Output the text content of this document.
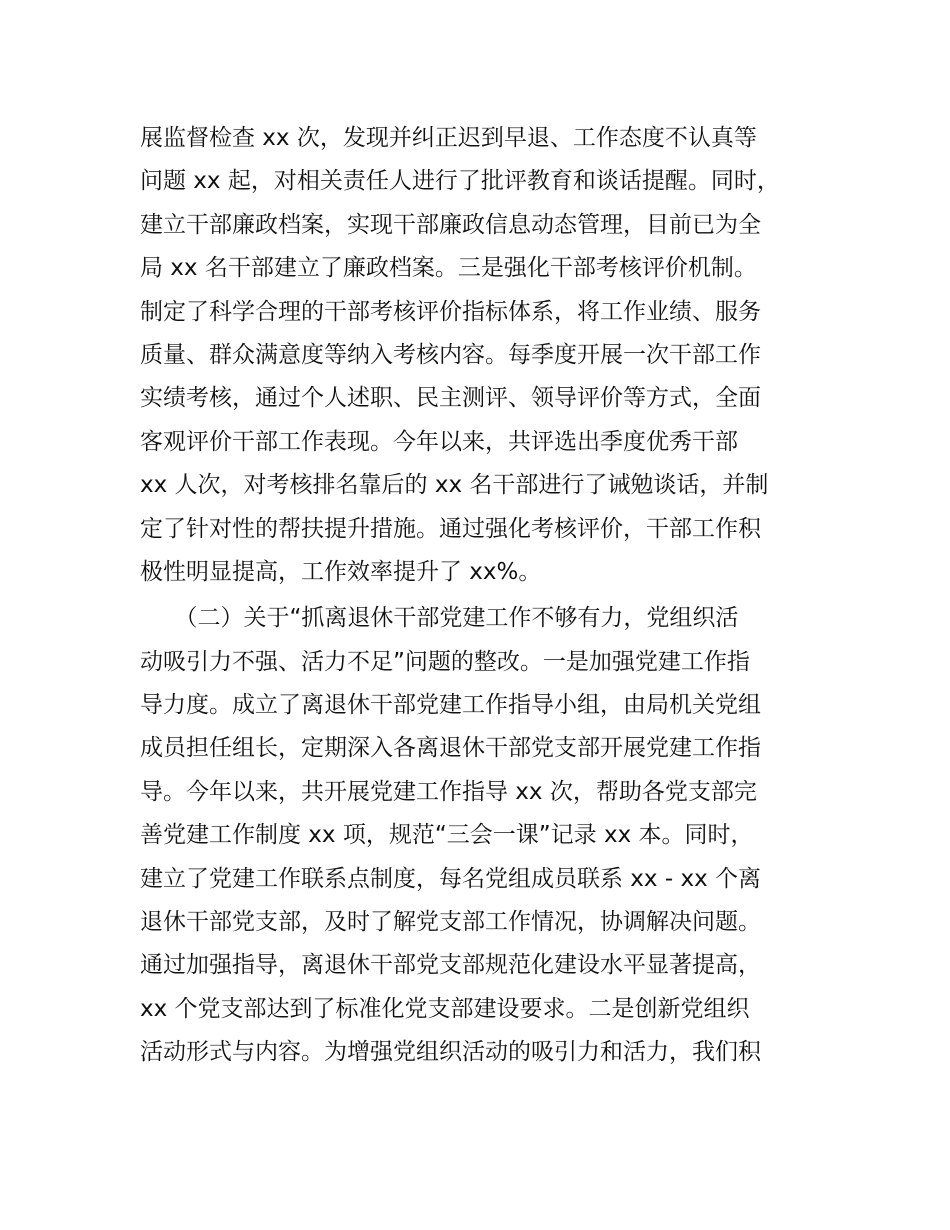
展监督检查 xx 次，发现并纠正迟到早退、工作态度不认真等
问题 xx 起，对相关责任人进行了批评教育和谈话提醒。同时，
建立干部廉政档案，实现干部廉政信息动态管理，目前已为全
局 xx 名干部建立了廉政档案。三是强化干部考核评价机制。
制定了科学合理的干部考核评价指标体系，将工作业绩、服务
质量、群众满意度等纳入考核内容。每季度开展一次干部工作
实绩考核，通过个人述职、民主测评、领导评价等方式，全面
客观评价干部工作表现。今年以来，共评选出季度优秀干部
xx 人次，对考核排名靠后的 xx 名干部进行了诫勉谈话，并制
定了针对性的帮扶提升措施。通过强化考核评价，干部工作积
极性明显提高，工作效率提升了 xx%。

　　（二）关于“抓离退休干部党建工作不够有力，党组织活
动吸引力不强、活力不足”问题的整改。一是加强党建工作指
导力度。成立了离退休干部党建工作指导小组，由局机关党组
成员担任组长，定期深入各离退休干部党支部开展党建工作指
导。今年以来，共开展党建工作指导 xx 次，帮助各党支部完
善党建工作制度 xx 项，规范“三会一课”记录 xx 本。同时，
建立了党建工作联系点制度，每名党组成员联系 xx - xx 个离
退休干部党支部，及时了解党支部工作情况，协调解决问题。
通过加强指导，离退休干部党支部规范化建设水平显著提高，
xx 个党支部达到了标准化党支部建设要求。二是创新党组织
活动形式与内容。为增强党组织活动的吸引力和活力，我们积
